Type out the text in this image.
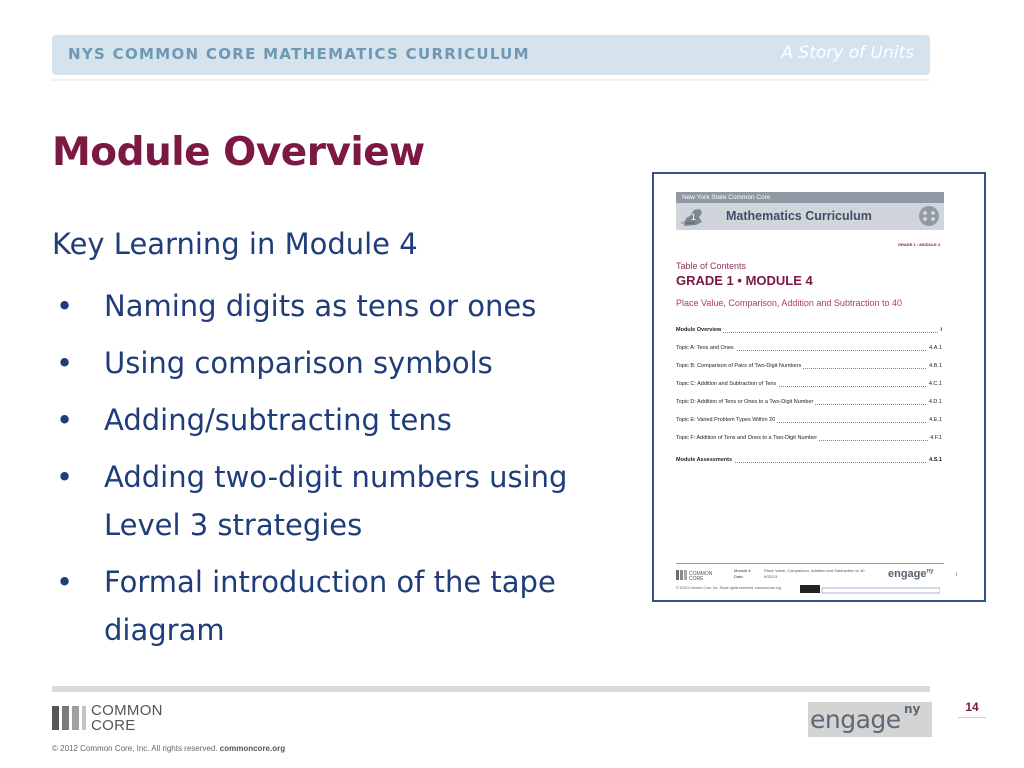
NYS COMMON CORE MATHEMATICS CURRICULUM	A Story of Units
Module Overview
Key Learning in Module 4
• Naming digits as tens or ones
• Using comparison symbols
• Adding/subtracting tens
• Adding two-digit numbers using Level 3 strategies
• Formal introduction of the tape diagram
New York State Common Core
1
GRADE Mathematics Curriculum
GRADE 1 • MODULE 4
Table of Contents
GRADE 1 • MODULE 4
Place Value, Comparison, Addition and Subtraction to 40
Module Overview	i
Topic A: Tens and Ones	4.A.1
Topic B: Comparison of Pairs of Two-Digit Numbers	4.B.1
Topic C: Addition and Subtraction of Tens	4.C.1
Topic D: Addition of Tens or Ones to a Two-Digit Number	4.D.1
Topic E: Varied Problem Types Within 20	4.E.1
Topic F: Addition of Tens and Ones to a Two-Digit Number	4.F.1
Module Assessments	4.S.1
COMMON
CORE
Module 4:
Date:
Place Value, Comparison, Addition and Subtraction to 40
9/20/13	engage$^{ny}$
i
© 2013 Common Core, Inc. Some rights reserved. commoncore.org
COMMON
CORE
© 2012 Common Core, Inc. All rights reserved. commoncore.org
engage ny	14
